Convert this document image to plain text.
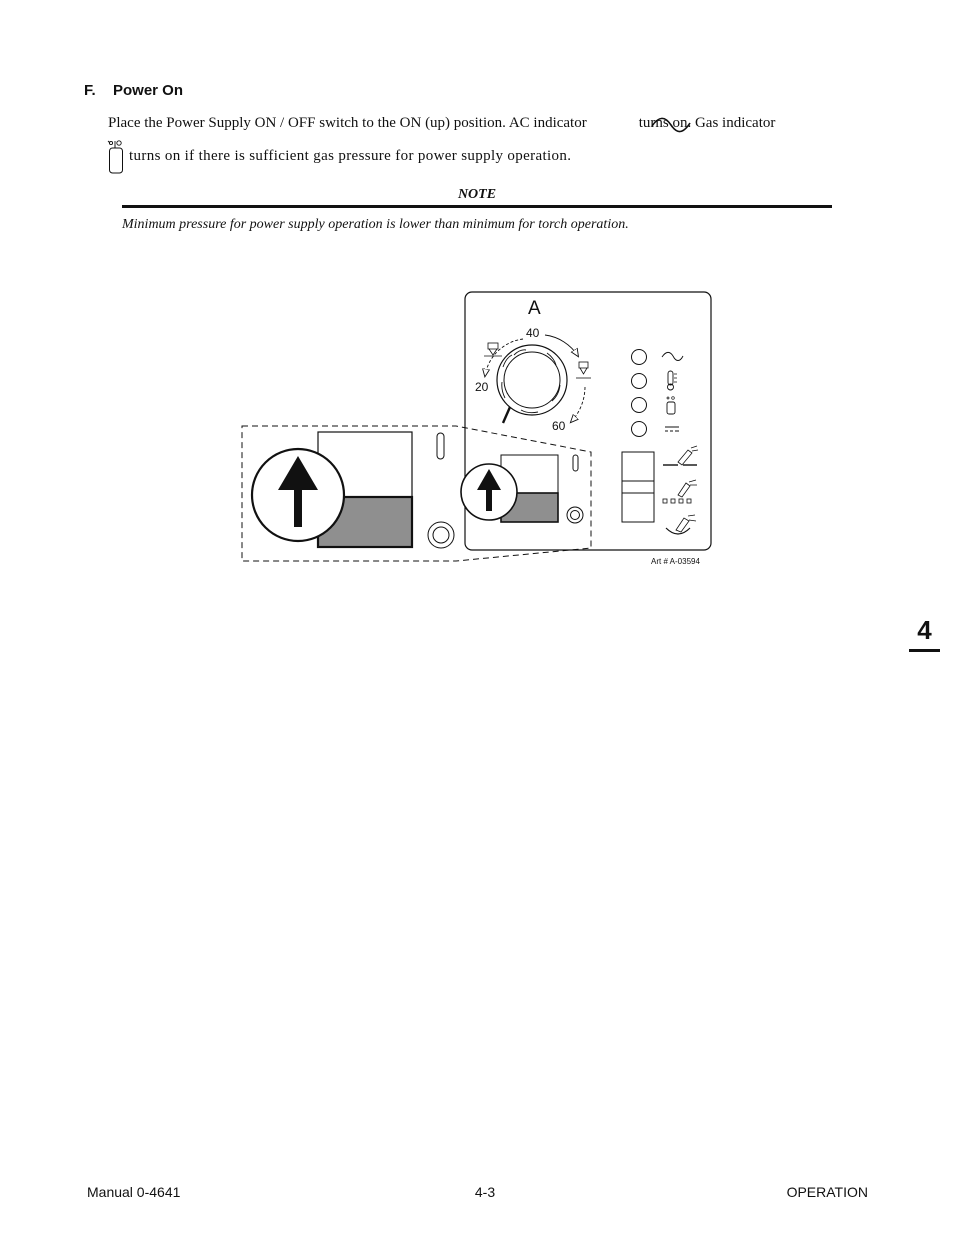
F. Power On
Place the Power Supply ON / OFF switch to the ON (up) position. AC indicator	turns on. Gas indicator
turns on if there is sufficient gas pressure for power supply operation.
NOTE
Minimum pressure for power supply operation is lower than minimum for torch operation.
A
40
20
60
Art # A-03594
4
Manual 0-4641	4-3	OPERATION
